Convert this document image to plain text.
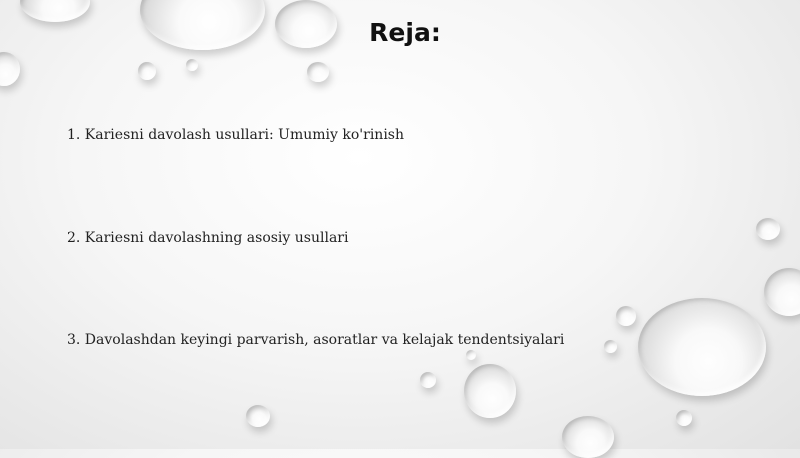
Reja:
1. Kariesni davolash usullari: Umumiy ko'rinish
2. Kariesni davolashning asosiy usullari
3. Davolashdan keyingi parvarish, asoratlar va kelajak tendentsiyalari
